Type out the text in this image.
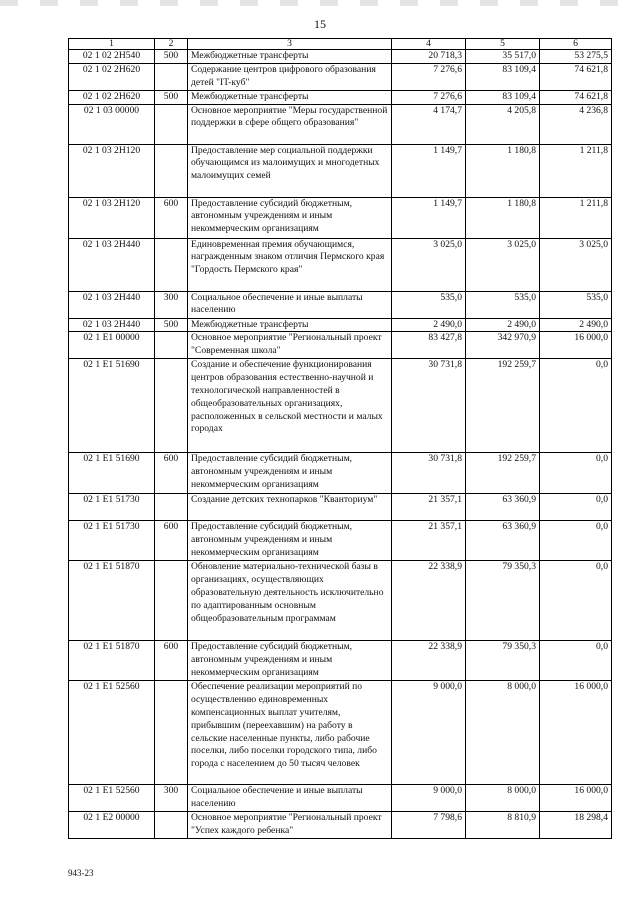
15
1	2	3	4	5	6
02 1 02 2Н540	500	Межбюджетные трансферты	20 718,3	35 517,0	53 275,5
02 1 02 2Н620		Содержание центров цифрового образования детей "IT-куб"	7 276,6	83 109,4	74 621,8
02 1 02 2Н620	500	Межбюджетные трансферты	7 276,6	83 109,4	74 621,8
02 1 03 00000		Основное мероприятие "Меры государственной поддержки в сфере общего образования"	4 174,7	4 205,8	4 236,8
02 1 03 2Н120		Предоставление мер социальной поддержки обучающимся из малоимущих и многодетных малоимущих семей	1 149,7	1 180,8	1 211,8
02 1 03 2Н120	600	Предоставление субсидий бюджетным, автономным учреждениям и иным некоммерческим организациям	1 149,7	1 180,8	1 211,8
02 1 03 2Н440		Единовременная премия обучающимся, награжденным знаком отличия Пермского края "Гордость Пермского края"	3 025,0	3 025,0	3 025,0
02 1 03 2Н440	300	Социальное обеспечение и иные выплаты населению	535,0	535,0	535,0
02 1 03 2Н440	500	Межбюджетные трансферты	2 490,0	2 490,0	2 490,0
02 1 Е1 00000		Основное мероприятие "Региональный проект "Современная школа"	83 427,8	342 970,9	16 000,0
02 1 Е1 51690		Создание и обеспечение функционирования центров образования естественно-научной и технологической направленностей в общеобразовательных организациях, расположенных в сельской местности и малых городах	30 731,8	192 259,7	0,0
02 1 Е1 51690	600	Предоставление субсидий бюджетным, автономным учреждениям и иным некоммерческим организациям	30 731,8	192 259,7	0,0
02 1 Е1 51730		Создание детских технопарков "Кванториум"	21 357,1	63 360,9	0,0
02 1 Е1 51730	600	Предоставление субсидий бюджетным, автономным учреждениям и иным некоммерческим организациям	21 357,1	63 360,9	0,0
02 1 Е1 51870		Обновление материально-технической базы в организациях, осуществляющих образовательную деятельность исключительно по адаптированным основным общеобразовательным программам	22 338,9	79 350,3	0,0
02 1 Е1 51870	600	Предоставление субсидий бюджетным, автономным учреждениям и иным некоммерческим организациям	22 338,9	79 350,3	0,0
02 1 Е1 52560		Обеспечение реализации мероприятий по осуществлению единовременных компенсационных выплат учителям, прибывшим (переехавшим) на работу в сельские населенные пункты, либо рабочие поселки, либо поселки городского типа, либо города с населением до 50 тысяч человек	9 000,0	8 000,0	16 000,0
02 1 Е1 52560	300	Социальное обеспечение и иные выплаты населению	9 000,0	8 000,0	16 000,0
02 1 Е2 00000		Основное мероприятие "Региональный проект "Успех каждого ребенка"	7 798,6	8 810,9	18 298,4
943-23
